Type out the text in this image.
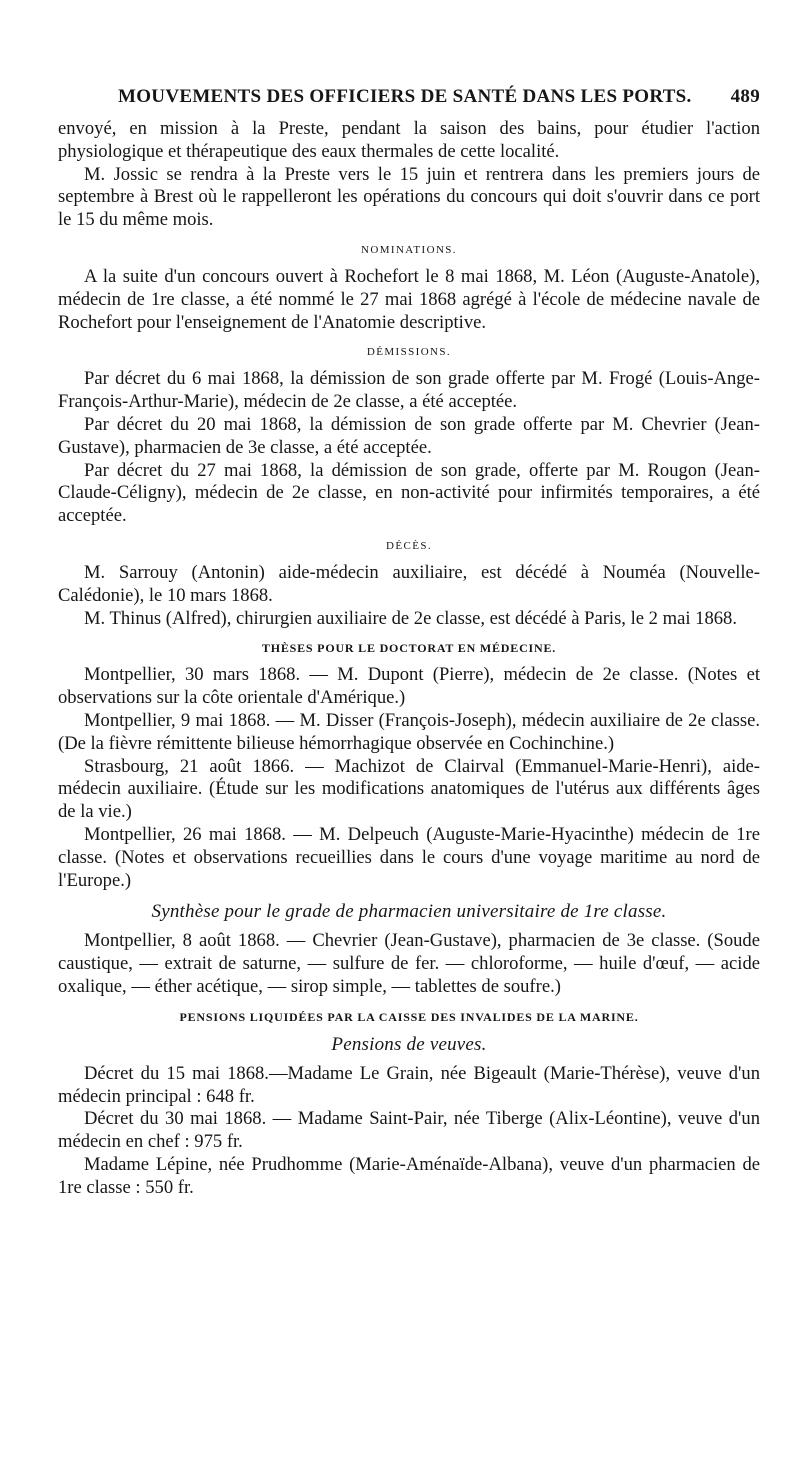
MOUVEMENTS DES OFFICIERS DE SANTÉ DANS LES PORTS. 489

envoyé, en mission à la Preste, pendant la saison des bains, pour étudier l'action physiologique et thérapeutique des eaux thermales de cette localité.

M. Jossic se rendra à la Preste vers le 15 juin et rentrera dans les premiers jours de septembre à Brest où le rappelleront les opérations du concours qui doit s'ouvrir dans ce port le 15 du même mois.

NOMINATIONS.

A la suite d'un concours ouvert à Rochefort le 8 mai 1868, M. Léon (Auguste-Anatole), médecin de 1re classe, a été nommé le 27 mai 1868 agrégé à l'école de médecine navale de Rochefort pour l'enseignement de l'Anatomie descriptive.

DÉMISSIONS.

Par décret du 6 mai 1868, la démission de son grade offerte par M. Frogé (Louis-Ange-François-Arthur-Marie), médecin de 2e classe, a été acceptée.

Par décret du 20 mai 1868, la démission de son grade offerte par M. Chevrier (Jean-Gustave), pharmacien de 3e classe, a été acceptée.

Par décret du 27 mai 1868, la démission de son grade, offerte par M. Rougon (Jean-Claude-Céligny), médecin de 2e classe, en non-activité pour infirmités temporaires, a été acceptée.

DÉCÈS.

M. Sarrouy (Antonin) aide-médecin auxiliaire, est décédé à Nouméa (Nouvelle-Calédonie), le 10 mars 1868.

M. Thinus (Alfred), chirurgien auxiliaire de 2e classe, est décédé à Paris, le 2 mai 1868.

THÈSES POUR LE DOCTORAT EN MÉDECINE.

Montpellier, 30 mars 1868. — M. Dupont (Pierre), médecin de 2e classe. (Notes et observations sur la côte orientale d'Amérique.)

Montpellier, 9 mai 1868. — M. Disser (François-Joseph), médecin auxiliaire de 2e classe. (De la fièvre rémittente bilieuse hémorrhagique observée en Cochinchine.)

Strasbourg, 21 août 1866. — Machizot de Clairval (Emmanuel-Marie-Henri), aide-médecin auxiliaire. (Étude sur les modifications anatomiques de l'utérus aux différents âges de la vie.)

Montpellier, 26 mai 1868. — M. Delpeuch (Auguste-Marie-Hyacinthe) médecin de 1re classe. (Notes et observations recueillies dans le cours d'une voyage maritime au nord de l'Europe.)

Synthèse pour le grade de pharmacien universitaire de 1re classe.

Montpellier, 8 août 1868. — Chevrier (Jean-Gustave), pharmacien de 3e classe. (Soude caustique, — extrait de saturne, — sulfure de fer. — chloroforme, — huile d'œuf, — acide oxalique, — éther acétique, — sirop simple, — tablettes de soufre.)

PENSIONS LIQUIDÉES PAR LA CAISSE DES INVALIDES DE LA MARINE.
Pensions de veuves.

Décret du 15 mai 1868.—Madame Le Grain, née Bigeault (Marie-Thérèse), veuve d'un médecin principal : 648 fr.

Décret du 30 mai 1868. — Madame Saint-Pair, née Tiberge (Alix-Léontine), veuve d'un médecin en chef : 975 fr.

Madame Lépine, née Prudhomme (Marie-Aménaïde-Albana), veuve d'un pharmacien de 1re classe : 550 fr.
